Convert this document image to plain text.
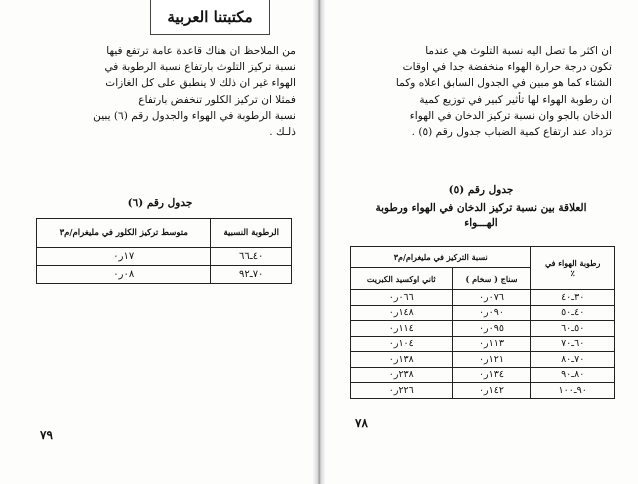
مكتبتنا العربية
من الملاحظ ان هناك قاعدة عامة ترتفع فيها
نسبة تركيز التلوث بارتفاع نسبة الرطوبة في
الهواء غير ان ذلك لا ينطبق على كل الغازات
فمثلا ان تركيز الكلور تنخفض بارتفاع
نسبة الرطوبة في الهواء والجدول رقم (٦) يبين
ذلـك .
جدول رقم (٦)
الرطوبة النسبية	متوسط تركيز الكلور في مليغرام/م٣
٤٠ـ٦٦	١٧ر٠
٧٠ـ٩٢	٠٨ر٠
٧٩
ان اكثر ما تصل اليه نسبة التلوث هي عندما
تكون درجة حرارة الهواء منخفضة جدا في اوقات
الشتاء كما هو مبين في الجدول السابق اعلاه وكما
ان رطوبة الهواء لها تأثير كبير في توزيع كمية
الدخان بالجو وان نسبة تركيز الدخان في الهواء
تزداد عند ارتفاع كمية الضباب جدول رقم (٥) .
جدول رقم (٥)
العلاقة بين نسبة تركيز الدخان في الهواء ورطوبة
الهـــواء
رطوبة الهواء في
٪	نسبة التركيز في مليغرام/م٣	
	سناج ( سخام )	ثاني اوكسيد الكبريت
٣٠ـ٤٠	٠٧٦ر٠	٠٦٦ر٠
٤٠ـ٥٠	٠٩٠ر٠	١٤٨ر٠
٥٠ـ٦٠	٠٩٥ر٠	١١٤ر٠
٦٠ـ٧٠	١١٣ر٠	١٠٤ر٠
٧٠ـ٨٠	١٢١ر٠	١٣٨ر٠
٨٠ـ٩٠	١٣٤ر٠	٢٣٨ر٠
٩٠ـ١٠٠	١٤٢ر٠	٢٢٦ر٠
٧٨
